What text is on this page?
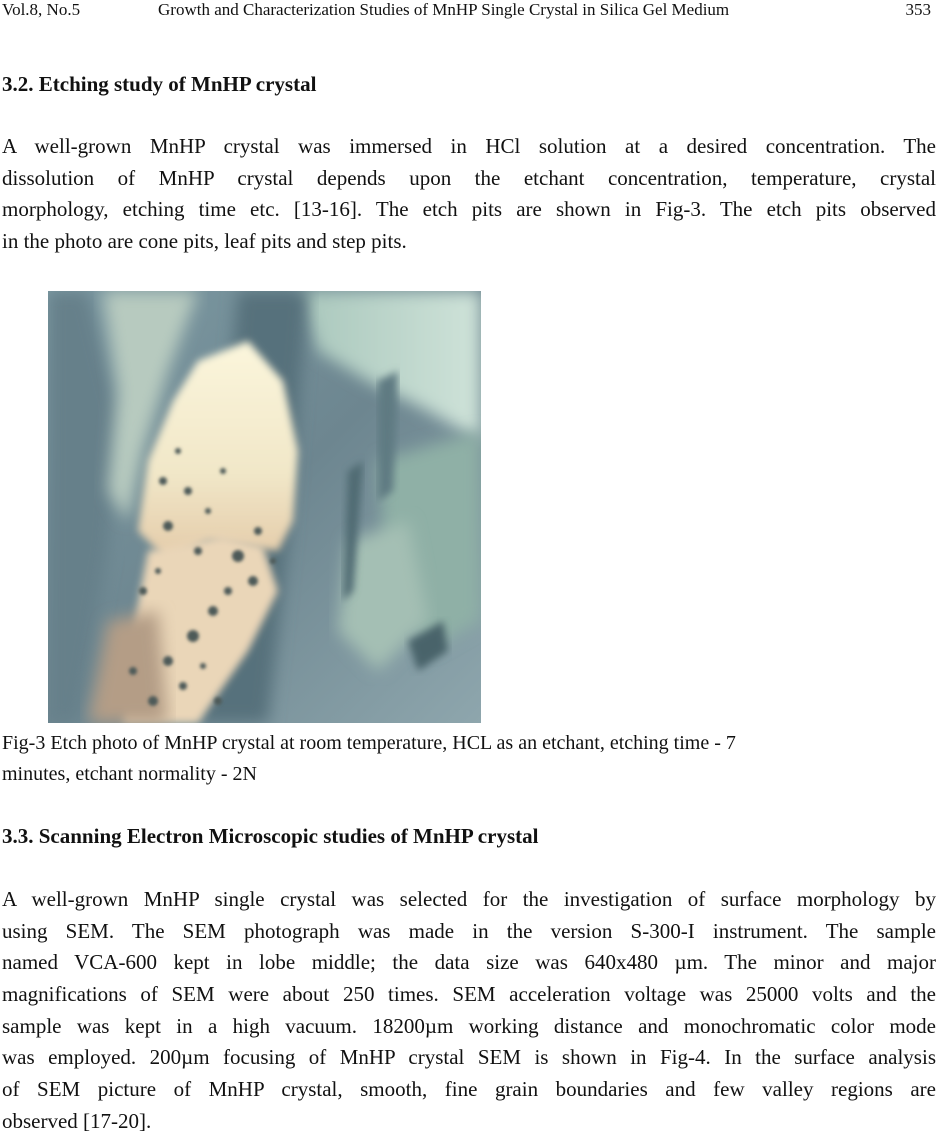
Vol.8, No.5	Growth and Characterization Studies of MnHP Single Crystal in Silica Gel Medium	353
3.2. Etching study of MnHP crystal
A well-grown MnHP crystal was immersed in HCl solution at a desired concentration. The
dissolution of MnHP crystal depends upon the etchant concentration, temperature, crystal
morphology, etching time etc. [13-16]. The etch pits are shown in Fig-3. The etch pits observed
in the photo are cone pits, leaf pits and step pits.
Fig-3 Etch photo of MnHP crystal at room temperature, HCL as an etchant, etching time - 7
minutes, etchant normality - 2N
3.3. Scanning Electron Microscopic studies of MnHP crystal
A well-grown MnHP single crystal was selected for the investigation of surface morphology by
using SEM. The SEM photograph was made in the version S-300-I instrument. The sample
named VCA-600 kept in lobe middle; the data size was 640x480 µm. The minor and major
magnifications of SEM were about 250 times. SEM acceleration voltage was 25000 volts and the
sample was kept in a high vacuum. 18200µm working distance and monochromatic color mode
was employed. 200µm focusing of MnHP crystal SEM is shown in Fig-4. In the surface analysis
of SEM picture of MnHP crystal, smooth, fine grain boundaries and few valley regions are
observed [17-20].
